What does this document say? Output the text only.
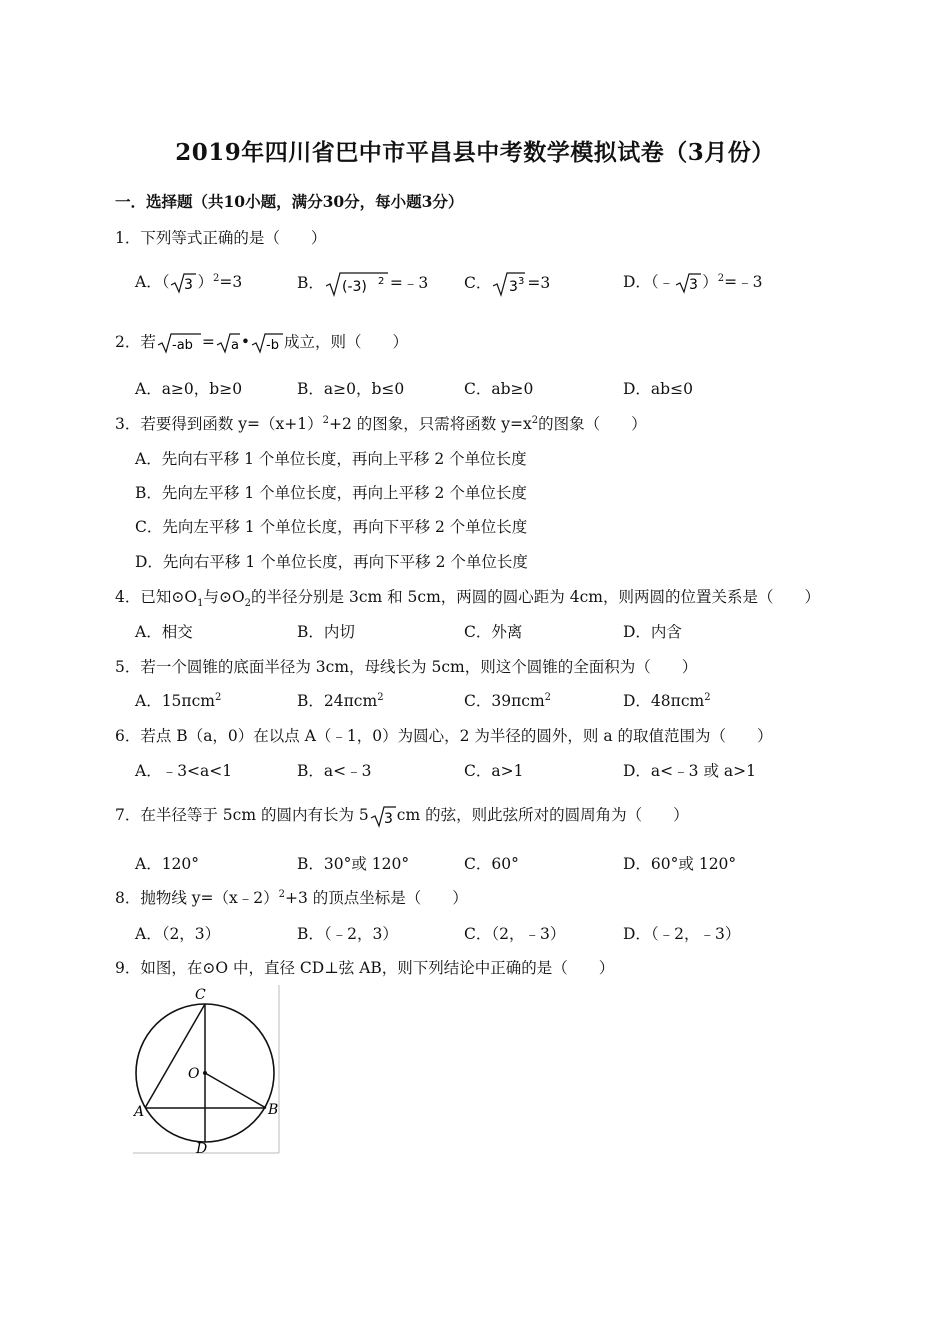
2019年四川省巴中市平昌县中考数学模拟试卷（3月份）
一．选择题（共10小题，满分30分，每小题3分）
1．下列等式正确的是（　　）
A．（ 3 ）$^2$=3	B． (-3) 2 =﹣3 C． 3 3 =3	D．（﹣ 3 ）$^2$=﹣3
2．若 -ab = a • -b 成立，则（　　）
A．a≥0，b≥0	B．a≥0，b≤0	C．ab≥0	D．ab≤0
3．若要得到函数 $y=(x+1)^2+2$ 的图象，只需将函数 $y=x^2$的图象（　　）
A．先向右平移 1 个单位长度，再向上平移 2 个单位长度
B．先向左平移 1 个单位长度，再向上平移 2 个单位长度
C．先向左平移 1 个单位长度，再向下平移 2 个单位长度
D．先向右平移 1 个单位长度，再向下平移 2 个单位长度
4．已知$⊙O_1$与$⊙O_2$的半径分别是 3cm 和 5cm，两圆的圆心距为 4cm，则两圆的位置关系是（　　）
A．相交	B．内切	C．外离	D．内含
5．若一个圆锥的底面半径为 3cm，母线长为 5cm，则这个圆锥的全面积为（　　）
A．15πcm$^2$	B．24πcm$^2$	C．39πcm$^2$	D．48πcm$^2$
6．若点 B（a，0）在以点 A（﹣1，0）为圆心，2 为半径的圆外，则 a 的取值范围为（　　）
A．﹣3<a<1	B．a<﹣3	C．a>1	D．a<﹣3 或 a>1
7．在半径等于 5cm 的圆内有长为 5 3 cm 的弦，则此弦所对的圆周角为（　　）
A．120°	B．30°或 120°	C．60°	D．60°或 120°
8．抛物线 y=（x﹣2）$^2$+3 的顶点坐标是（　　）
A．（2，3）	B．（﹣2，3）	C．（2，﹣3）	D．（﹣2，﹣3）
9．如图，在⊙O 中，直径 CD⊥弦 AB，则下列结论中正确的是（　　）
C
O
A	B
D
